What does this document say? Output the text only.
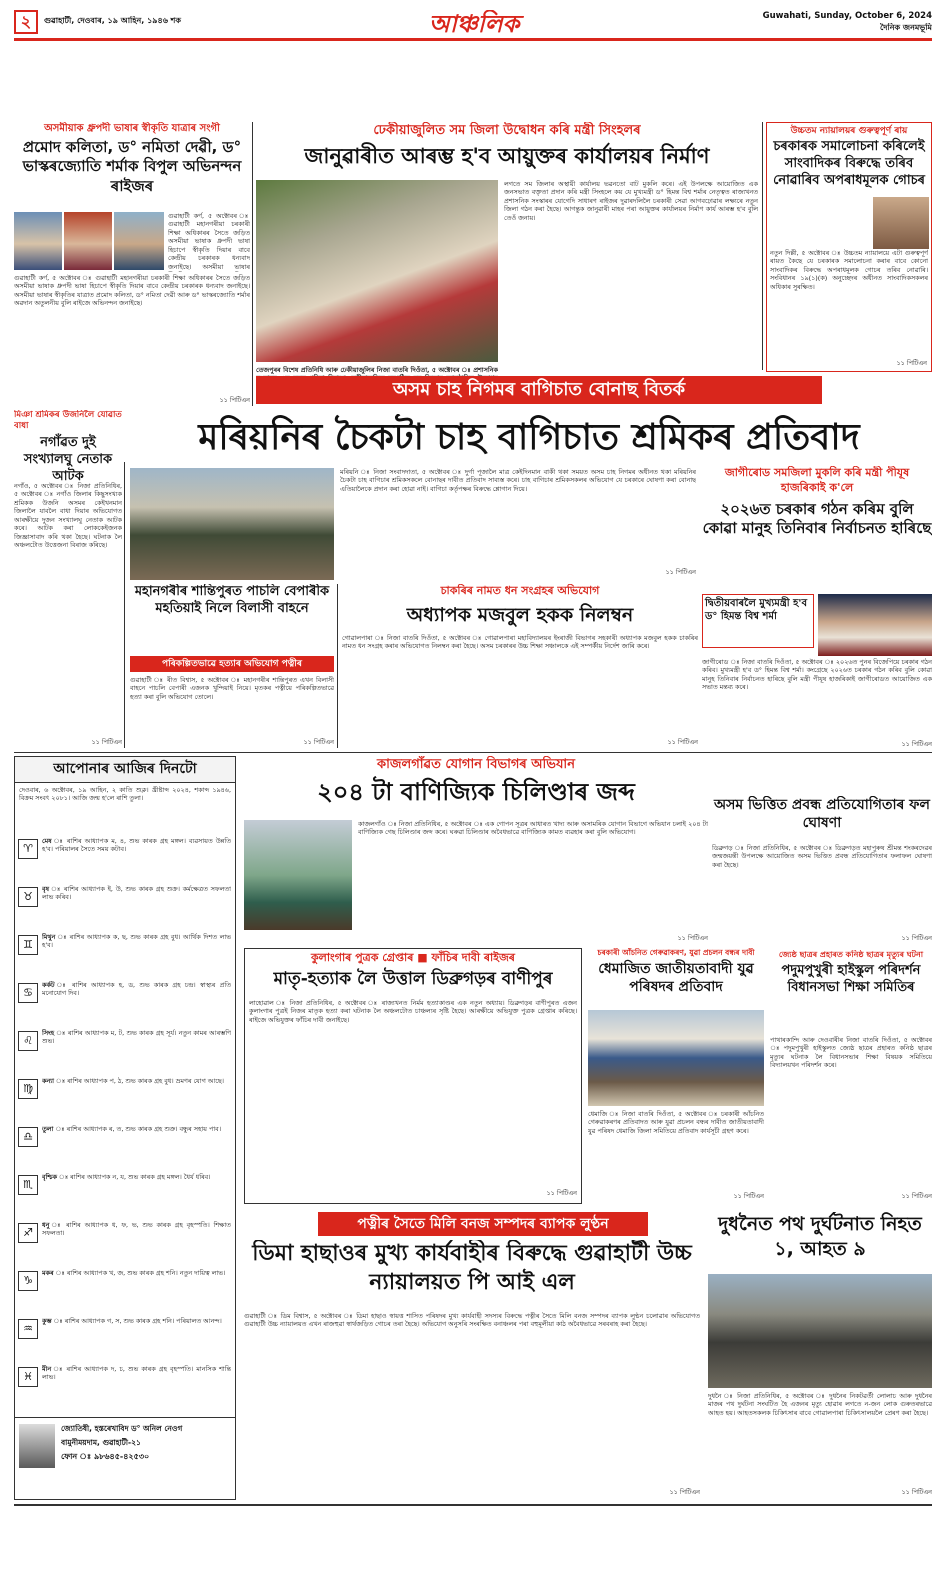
২	গুৱাহাটী, দেওবাৰ, ১৯ আহিন, ১৯৪৬ শক	আঞ্চলিক	Guwahati, Sunday, October 6, 2024
দৈনিক জনমভূমি
অসমীয়াক ধ্ৰুপদী ভাষাৰ স্বীকৃতি যাত্ৰাৰ সংগী
প্ৰমোদ কলিতা, ড° নমিতা দেৱী, ড° ভাস্কৰজ্যোতি শৰ্মাক বিপুল অভিনন্দন ৰাইজৰ
গুৱাহাটী কৰ্ণ, ৫ অক্টোবৰ ঃ গুৱাহাটী মহানগৰীয়া চৰকাৰী শিক্ষা অধিকাৰৰ সৈতে জড়িত অসমীয়া ভাষাক ধ্ৰুপদী ভাষা হিচাপে স্বীকৃতি দিয়াৰ বাবে কেন্দ্ৰীয় চৰকাৰক ধন্যবাদ জনাইছে। অসমীয়া ভাষাৰ
গুৱাহাটী কৰ্ণ, ৫ অক্টোবৰ ঃ গুৱাহাটী মহানগৰীয়া চৰকাৰী শিক্ষা অধিকাৰৰ সৈতে জড়িত অসমীয়া ভাষাক ধ্ৰুপদী ভাষা হিচাপে স্বীকৃতি দিয়াৰ বাবে কেন্দ্ৰীয় চৰকাৰক ধন্যবাদ জনাইছে। অসমীয়া ভাষাৰ স্বীকৃতিৰ যাত্ৰাত প্ৰমোদ কলিতা, ড° নমিতা দেৱী আৰু ড° ভাস্কৰজ্যোতি শৰ্মাৰ অৱদান অতুলনীয় বুলি ৰাইজে অভিনন্দন জনাইছে।
১১ পিটিএন
ঢেকীয়াজুলিত সম জিলা উদ্বোধন কৰি মন্ত্ৰী সিংহলৰ
জানুৱাৰীত আৰম্ভ হ'ব আয়ুক্তৰ কাৰ্যালয়ৰ নিৰ্মাণ
লগতে সম জিলাৰ অস্থায়ী কাৰ্যালয় ভৱনতো বাট মুকলি কৰে। এই উপলক্ষে আয়োজিত এক জনসভাত বক্তৃতা প্ৰদান কৰি মন্ত্ৰী সিংহলে কয় যে মুখ্যমন্ত্ৰী ড° হিমন্ত বিশ্ব শৰ্মাৰ নেতৃত্বত ৰাজ্যখনত প্ৰশাসনিক সংস্কাৰৰ যোগেদি সাধাৰণ ৰাইজৰ দুৱাৰদলিলৈ চৰকাৰী সেৱা আগবঢ়োৱাৰ লক্ষ্যৰে নতুন জিলা গঠন কৰা হৈছে। আগন্তুক জানুৱাৰী মাহৰ পৰা আয়ুক্তৰ কাৰ্যালয়ৰ নিৰ্মাণ কাৰ্য আৰম্ভ হ'ব বুলি তেওঁ জনায়।
তেজপুৰৰ বিশেষ প্ৰতিনিধি আৰু ঢেকীয়াজুলিৰ নিজা বাতৰি দিওঁতা, ৫ অক্টোবৰ ঃ প্ৰশাসনিক
উচ্চতম ন্যায়ালয়ৰ গুৰুত্বপূৰ্ণ ৰায়
চৰকাৰক সমালোচনা কৰিলেই সাংবাদিকৰ বিৰুদ্ধে তৰিব নোৱাৰিব অপৰাধমূলক গোচৰ
নতুন দিল্লী, ৫ অক্টোবৰ ঃ উচ্চতম ন্যায়ালয়ে এটা গুৰুত্বপূৰ্ণ ৰায়ত কৈছে যে চৰকাৰক সমালোচনা কৰাৰ বাবে কোনো সাংবাদিকৰ বিৰুদ্ধে অপৰাধমূলক গোচৰ তৰিব নোৱাৰি। সংবিধানৰ ১৯(১)(ক) অনুচ্ছেদৰ অধীনত সাংবাদিকসকলৰ অধিকাৰ সুৰক্ষিত।
১১ পিটিএন
অসম চাহ নিগমৰ বাগিচাত বোনাছ বিতৰ্ক
মৰিয়নিৰ চৈকটা চাহ বাগিচাত শ্ৰমিকৰ প্ৰতিবাদ
মিঞা শ্ৰমিকৰ উজনিলৈ যোৱাত বাধা
নগাঁৱত দুই সংখ্যালঘু নেতাক আটক
নগাঁও, ৫ অক্টোবৰ ঃ নিজা প্ৰতিনিধিৰ, ৫ অক্টোবৰ ঃ নগাঁও জিলাৰ কিছুসংখ্যক শ্ৰমিকক উজনি অসমৰ কেইখনমান জিলালৈ যাবলৈ বাধা দিয়াৰ অভিযোগত আৰক্ষীয়ে দুজন সংখ্যালঘু নেতাক আটক কৰে। আটক কৰা লোককেইজনক জিজ্ঞাসাবাদ কৰি থকা হৈছে। ঘটনাক লৈ অঞ্চলটোত উত্তেজনা বিৰাজ কৰিছে।
১১ পিটিএন
মৰিয়নি ঃ নিজা সংবাদদাতা, ৫ অক্টোবৰ ঃ দুৰ্গা পূজালৈ মাত্ৰ কেইদিনমান বাকী থকা সময়ত অসম চাহ নিগমৰ অধীনত থকা মৰিয়নিৰ চৈকটা চাহ বাগিচাৰ শ্ৰমিকসকলে বোনাছৰ দাবীত প্ৰতিবাদ সাব্যস্ত কৰে। চাহ বাগিচাৰ শ্ৰমিকসকলৰ অভিযোগ যে চৰকাৰে ঘোষণা কৰা বোনাছ এতিয়ালৈকে প্ৰদান কৰা হোৱা নাই। বাগিচা কৰ্তৃপক্ষৰ বিৰুদ্ধে শ্লোগান দিয়ে।
১১ পিটিএন
জাগীৰোড সমজিলা মুকলি কৰি মন্ত্ৰী পীযূষ হাজৰিকাই ক'লে
২০২৬ত চৰকাৰ গঠন কৰিম বুলি কোৱা মানুহ তিনিবাৰ নিৰ্বাচনত হাৰিছে
দ্বিতীয়বাৰলৈ মুখ্যমন্ত্ৰী হ'ব ড° হিমন্ত বিশ্ব শৰ্মা
জাগীৰোড ঃ নিজা বাতৰি দিওঁতা, ৫ অক্টোবৰ ঃ ২০২৬ত পুনৰ বিজেপিয়ে চৰকাৰ গঠন কৰিব। মুখ্যমন্ত্ৰী হ'ব ড° হিমন্ত বিশ্ব শৰ্মা। কংগ্ৰেছে ২০২৬ত চৰকাৰ গঠন কৰিব বুলি কোৱা মানুহ তিনিবাৰ নিৰ্বাচনত হাৰিছে বুলি মন্ত্ৰী পীযূষ হাজৰিকাই জাগীৰোডত আয়োজিত এক সভাত মন্তব্য কৰে।
১১ পিটিএন
মহানগৰীৰ শান্তিপুৰত পাচলি বেপাৰীক মহতিয়াই নিলে বিলাসী বাহনে
পৰিকল্পিতভাৱে হত্যাৰ অভিযোগ পত্নীৰ
গুৱাহাটী ঃ ৰীত বিশ্বাস, ৫ অক্টোবৰ ঃ মহানগৰীৰ শান্তিপুৰত এখন বিলাসী বাহনে পাচলি বেপাৰী এজনক খুন্দিয়াই নিয়ে। মৃতকৰ পত্নীয়ে পৰিকল্পিতভাৱে হত্যা কৰা বুলি অভিযোগ তোলে।
১১ পিটিএন
চাকৰিৰ নামত ধন সংগ্ৰহৰ অভিযোগ
অধ্যাপক মজবুল হকক নিলম্বন
গোৱালপাৰা ঃ নিজা বাতৰি দিওঁতা, ৫ অক্টোবৰ ঃ গোৱালপাৰা মহাবিদ্যালয়ৰ ইংৰাজী বিভাগৰ সহকাৰী অধ্যাপক মজবুল হকক চাকৰিৰ নামত ধন সংগ্ৰহ কৰাৰ অভিযোগত নিলম্বন কৰা হৈছে। অসম চৰকাৰৰ উচ্চ শিক্ষা সঞ্চালকে এই সম্পৰ্কীয় নিৰ্দেশ জাৰি কৰে।
১১ পিটিএন
আপোনাৰ আজিৰ দিনটো
দেওবাৰ, ৬ অক্টোবৰ, ১৯ আহিন, ২ কাতি শুক্ল। খ্ৰীষ্টাব্দ ২০২৪, শকাব্দ ১৯৪৬, বিক্ৰম সংবৎ ২০৮১। আজি জন্ম হ'লে ৰাশি তুলা।
♈
মেষ ঃ ৰাশিৰ আধ্যাপক ম, ৪, শুভ কাৰক গ্ৰহ মঙ্গল। ব্যৱসায়ত উন্নতি হ'ব। পৰিয়ালৰ সৈতে সময় কটাব।
♉
বৃষ ঃ ৰাশিৰ আধ্যাপক ই, উ, শুভ কাৰক গ্ৰহ শুক্ৰ। কৰ্মক্ষেত্ৰত সফলতা লাভ কৰিব।
♊
মিথুন ঃ ৰাশিৰ আধ্যাপক ক, ছ, শুভ কাৰক গ্ৰহ বুধ। আৰ্থিক দিশত লাভ হ'ব।
♋
কৰ্কট ঃ ৰাশিৰ আধ্যাপক হ, ড, শুভ কাৰক গ্ৰহ চন্দ্ৰ। স্বাস্থ্যৰ প্ৰতি মনোযোগ দিব।
♌
সিংহ ঃ ৰাশিৰ আধ্যাপক ম, ট, শুভ কাৰক গ্ৰহ সূৰ্য। নতুন কামৰ আৰম্ভণি শুভ।
♍
কন্যা ঃ ৰাশিৰ আধ্যাপক প, ঠ, শুভ কাৰক গ্ৰহ বুধ। ভ্ৰমণৰ যোগ আছে।
♎
তুলা ঃ ৰাশিৰ আধ্যাপক ৰ, ত, শুভ কাৰক গ্ৰহ শুক্ৰ। বন্ধুৰ সহায় পাব।
♏
বৃশ্চিক ঃ ৰাশিৰ আধ্যাপক ন, য, শুভ কাৰক গ্ৰহ মঙ্গল। ধৈৰ্য ধৰিব।
♐
ধনু ঃ ৰাশিৰ আধ্যাপক ধ, ফ, ভ, শুভ কাৰক গ্ৰহ বৃহস্পতি। শিক্ষাত সফলতা।
♑
মকৰ ঃ ৰাশিৰ আধ্যাপক খ, জ, শুভ কাৰক গ্ৰহ শনি। নতুন দায়িত্ব লাভ।
♒
কুম্ভ ঃ ৰাশিৰ আধ্যাপক গ, স, শুভ কাৰক গ্ৰহ শনি। পৰিয়ালত আনন্দ।
♓
মীন ঃ ৰাশিৰ আধ্যাপক দ, চ, শুভ কাৰক গ্ৰহ বৃহস্পতি। মানসিক শান্তি লাভ।
জ্যোতিষী, হস্তৰেখাবিদ ড° অনিল নেওগ
বামুনীময়দাম, গুৱাহাটী-২১
ফোন ঃ ৯৮৬৪৫-৪২৫৩০
কাজলগাঁৱত যোগান বিভাগৰ অভিযান
২০৪ টা বাণিজ্যিক চিলিণ্ডাৰ জব্দ
কাজলগাঁও ঃ নিজা প্ৰতিনিধিৰ, ৫ অক্টোবৰ ঃ এক গোপন সূত্ৰৰ আধাৰত খাদ্য আৰু অসামৰিক যোগান বিভাগে অভিযান চলাই ২০৪ টা বাণিজ্যিক গেছ চিলিণ্ডাৰ জব্দ কৰে। ঘৰুৱা চিলিণ্ডাৰ অবৈধভাৱে বাণিজ্যিক কামত ব্যৱহাৰ কৰা বুলি অভিযোগ।
১১ পিটিএন
অসম ভিত্তিত প্ৰবন্ধ প্ৰতিযোগিতাৰ ফল ঘোষণা
ডিব্ৰুগড় ঃ নিজা প্ৰতিনিধিৰ, ৫ অক্টোবৰ ঃ ডিব্ৰুগড়ত মহাপুৰুষ শ্ৰীমন্ত শংকৰদেৱৰ জন্মজয়ন্তী উপলক্ষে আয়োজিত অসম ভিত্তিত প্ৰবন্ধ প্ৰতিযোগিতাৰ ফলাফল ঘোষণা কৰা হৈছে।
১১ পিটিএন
কুলাংগাৰ পুত্ৰক গ্ৰেপ্তাৰ ■ ফাঁচিৰ দাবী ৰাইজৰ
মাতৃ-হত্যাক লৈ উত্তাল ডিব্ৰুগড়ৰ বাণীপুৰ
লাহোৱাল ঃ নিজা প্ৰতিনিধিৰ, ৫ অক্টোবৰ ঃ ৰাজ্যখনত নিৰ্মম হত্যাকাণ্ডৰ এক নতুন অধ্যায়। ডিব্ৰুগড়ৰ বাণীপুৰত এজন কুলাংগাৰ পুত্ৰই নিজৰ মাতৃক হত্যা কৰা ঘটনাক লৈ অঞ্চলটোত চাঞ্চল্যৰ সৃষ্টি হৈছে। আৰক্ষীয়ে অভিযুক্ত পুত্ৰক গ্ৰেপ্তাৰ কৰিছে। ৰাইজে অভিযুক্তৰ ফাঁচিৰ দাবী জনাইছে।
১১ পিটিএন
চৰকাৰী আঁচনিত গেৰুৱাকৰণ, যুৱা প্ৰচলন বন্ধৰ দাবী
ধেমাজিত জাতীয়তাবাদী যুৱ পৰিষদৰ প্ৰতিবাদ
ধেমাজি ঃ নিজা বাতৰি দিওঁতা, ৫ অক্টোবৰ ঃ চৰকাৰী আঁচনিত গেৰুৱাকৰণৰ প্ৰতিবাদত আৰু যুৱা প্ৰচলন বন্ধৰ দাবীত জাতীয়তাবাদী যুৱ পৰিষদ ধেমাজি জিলা সমিতিয়ে প্ৰতিবাদ কাৰ্যসূচী গ্ৰহণ কৰে।
১১ পিটিএন
জ্যেষ্ঠ ছাত্ৰৰ প্ৰহাৰত কনিষ্ঠ ছাত্ৰৰ মৃত্যুৰ ঘটনা
পদুমপুখুৰী হাইস্কুল পৰিদৰ্শন বিধানসভা শিক্ষা সমিতিৰ
পাথাৰকান্দি আৰু দেওবাৰীৰ নিজা বাতৰি দিওঁতা, ৫ অক্টোবৰ ঃ পদুমপুখুৰী হাইস্কুলত জ্যেষ্ঠ ছাত্ৰৰ প্ৰহাৰত কনিষ্ঠ ছাত্ৰৰ মৃত্যুৰ ঘটনাক লৈ বিধানসভাৰ শিক্ষা বিষয়ক সমিতিয়ে বিদ্যালয়খন পৰিদৰ্শন কৰে।
১১ পিটিএন
পত্নীৰ সৈতে মিলি বনজ সম্পদৰ ব্যাপক লুণ্ঠন
ডিমা হাছাওৰ মুখ্য কাৰ্যবাহীৰ বিৰুদ্ধে গুৱাহাটী উচ্চ ন্যায়ালয়ত পি আই এল
গুৱাহাটী ঃ ডিম বিশ্বাস, ৫ অক্টোবৰ ঃ ডিমা হাছাও স্বায়ত্ত শাসিত পৰিষদৰ মুখ্য কাৰ্যবাহী সদস্যৰ বিৰুদ্ধে পত্নীৰ সৈতে মিলি বনজ সম্পদৰ ব্যাপক লুণ্ঠন চলোৱাৰ অভিযোগত গুৱাহাটী উচ্চ ন্যায়ালয়ত এখন ৰাজহুৱা স্বাৰ্থজড়িত গোচৰ তৰা হৈছে। অভিযোগ অনুসৰি সংৰক্ষিত বনাঞ্চলৰ পৰা বহুমূলীয়া কাঠ অবৈধভাৱে সৰবৰাহ কৰা হৈছে।
১১ পিটিএন
দুধনৈত পথ দুৰ্ঘটনাত নিহত ১, আহত ৯
দুধনৈ ঃ নিজা প্ৰতিনিধিৰ, ৫ অক্টোবৰ ঃ দুধনৈৰ নিকটৱৰ্তী লোলাচ আৰু দুধনৈৰ মাজৰ পথ দুৰ্ঘটনা সংঘটিত হৈ এজনৰ মৃত্যু হোৱাৰ লগতে ন-জন লোক গুৰুতৰভাৱে আহত হয়। আহতসকলক চিকিৎসাৰ বাবে গোৱালপাৰা চিকিৎসালয়লৈ প্ৰেৰণ কৰা হৈছে।
১১ পিটিএন
